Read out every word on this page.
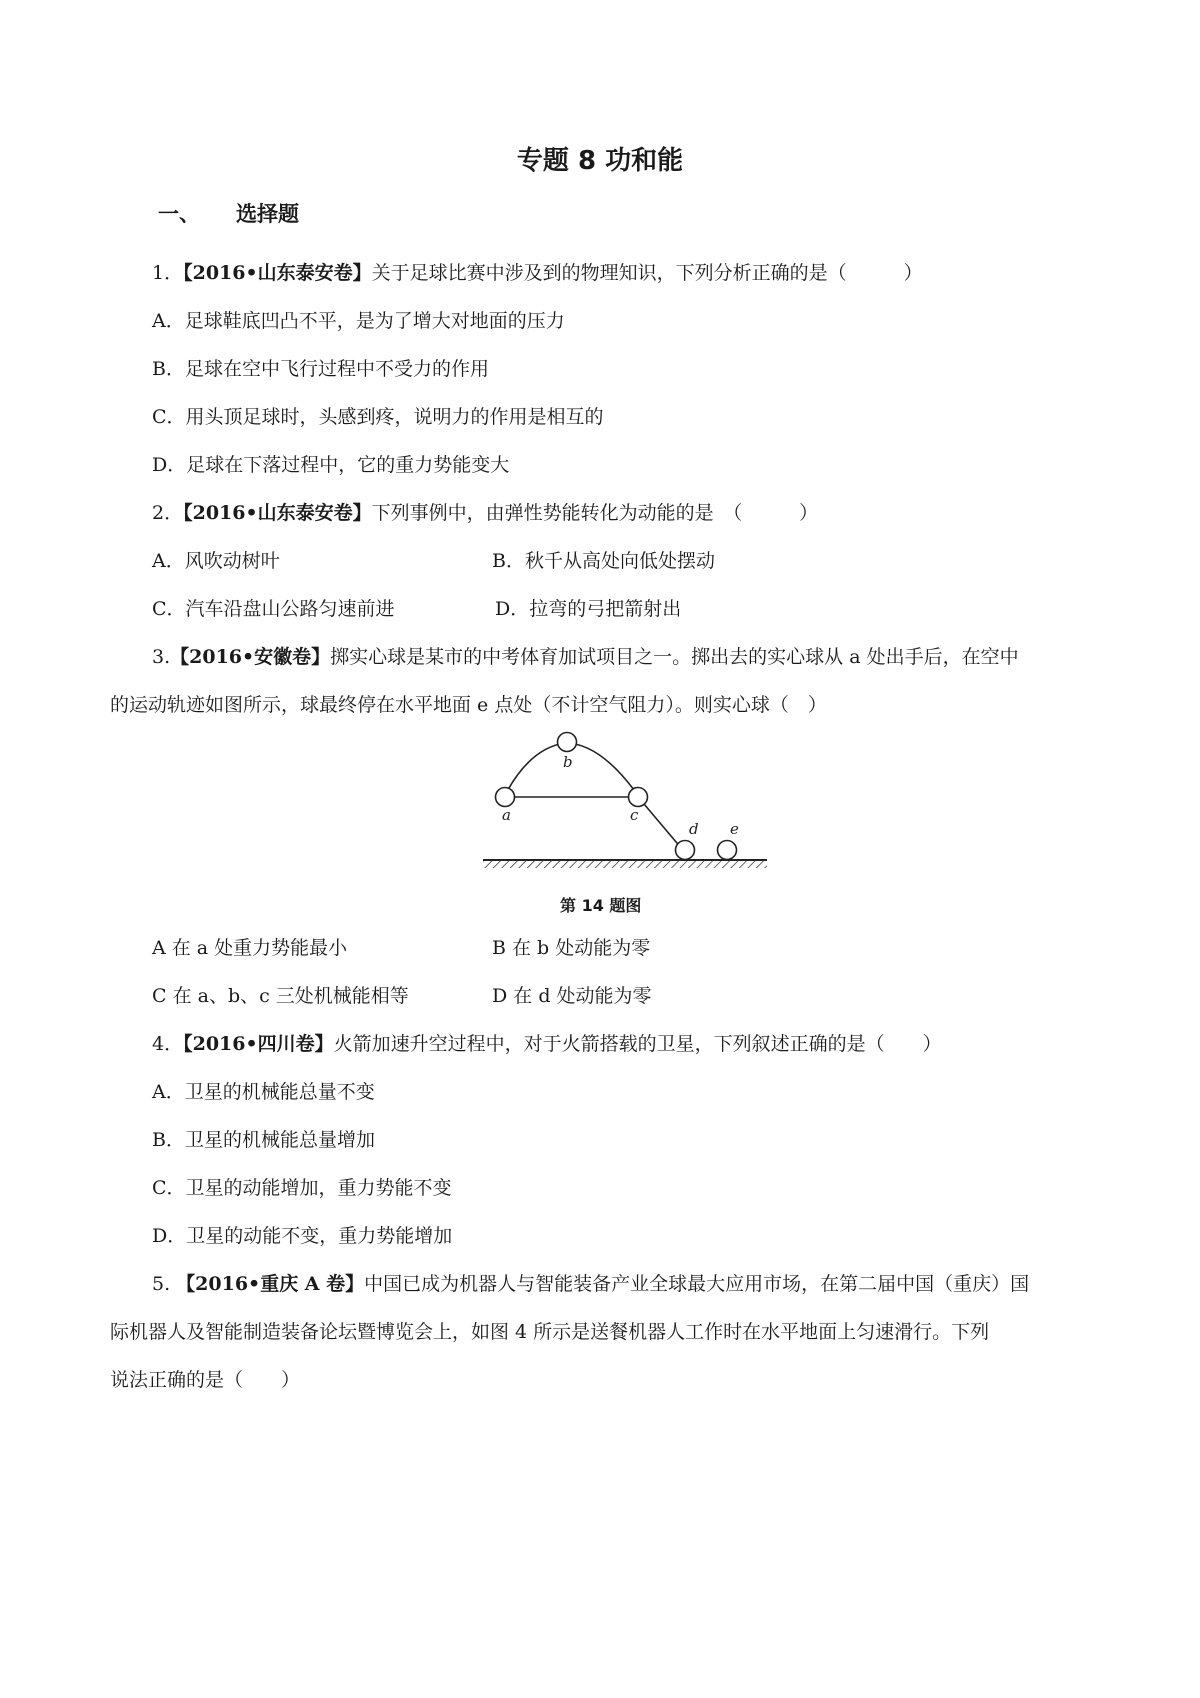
专题 8 功和能
一、 选择题
1．【2016•山东泰安卷】关于足球比赛中涉及到的物理知识，下列分析正确的是（　　　）
A．足球鞋底凹凸不平，是为了增大对地面的压力
B．足球在空中飞行过程中不受力的作用
C．用头顶足球时，头感到疼，说明力的作用是相互的
D．足球在下落过程中，它的重力势能变大
2．【2016•山东泰安卷】下列事例中，由弹性势能转化为动能的是　（　　　）
A．风吹动树叶	B．秋千从高处向低处摆动
C．汽车沿盘山公路匀速前进	D．拉弯的弓把箭射出
3.【2016•安徽卷】掷实心球是某市的中考体育加试项目之一。掷出去的实心球从 a 处出手后，在空中
的运动轨迹如图所示，球最终停在水平地面 e 点处（不计空气阻力）。则实心球（　）
a
b
c
d e
第 14 题图
A 在 a 处重力势能最小	B 在 b 处动能为零
C 在 a、b、c 三处机械能相等	D 在 d 处动能为零
4．【2016•四川卷】火箭加速升空过程中，对于火箭搭载的卫星，下列叙述正确的是（　　）
A．卫星的机械能总量不变
B．卫星的机械能总量增加
C．卫星的动能增加，重力势能不变
D．卫星的动能不变，重力势能增加
5. 【2016•重庆 A 卷】中国已成为机器人与智能装备产业全球最大应用市场，在第二届中国（重庆）国
际机器人及智能制造装备论坛暨博览会上，如图 4 所示是送餐机器人工作时在水平地面上匀速滑行。下列
说法正确的是（　　）
